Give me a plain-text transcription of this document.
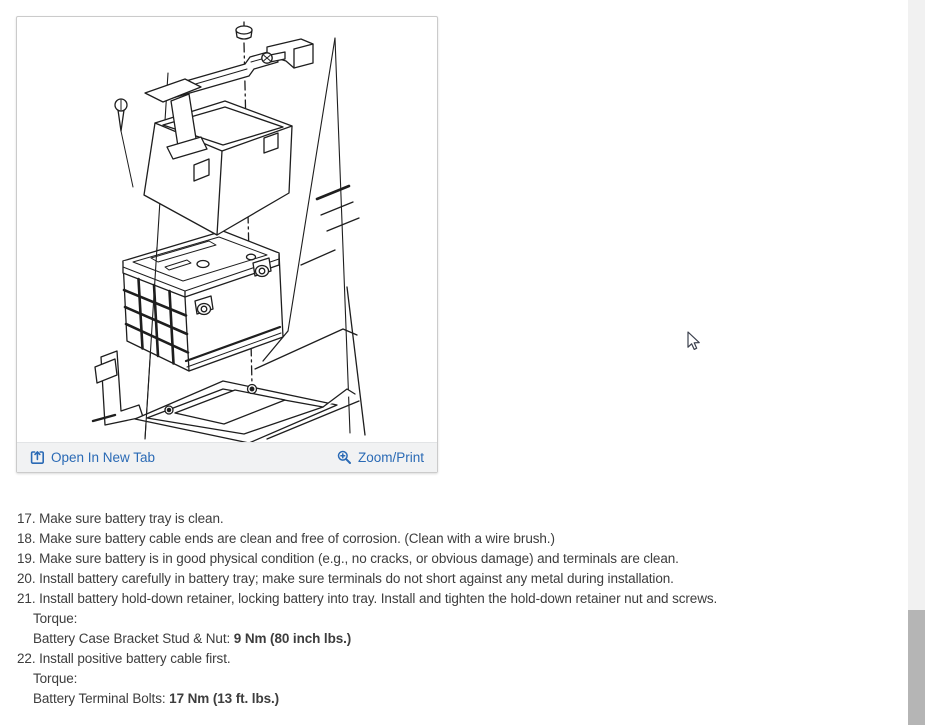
Open In New Tab	Zoom/Print
17. Make sure battery tray is clean.
18. Make sure battery cable ends are clean and free of corrosion. (Clean with a wire brush.)
19. Make sure battery is in good physical condition (e.g., no cracks, or obvious damage) and terminals are clean.
20. Install battery carefully in battery tray; make sure terminals do not short against any metal during installation.
21. Install battery hold-down retainer, locking battery into tray. Install and tighten the hold-down retainer nut and screws.
Torque:
Battery Case Bracket Stud & Nut: 9 Nm (80 inch lbs.)
22. Install positive battery cable first.
Torque:
Battery Terminal Bolts: 17 Nm (13 ft. lbs.)
